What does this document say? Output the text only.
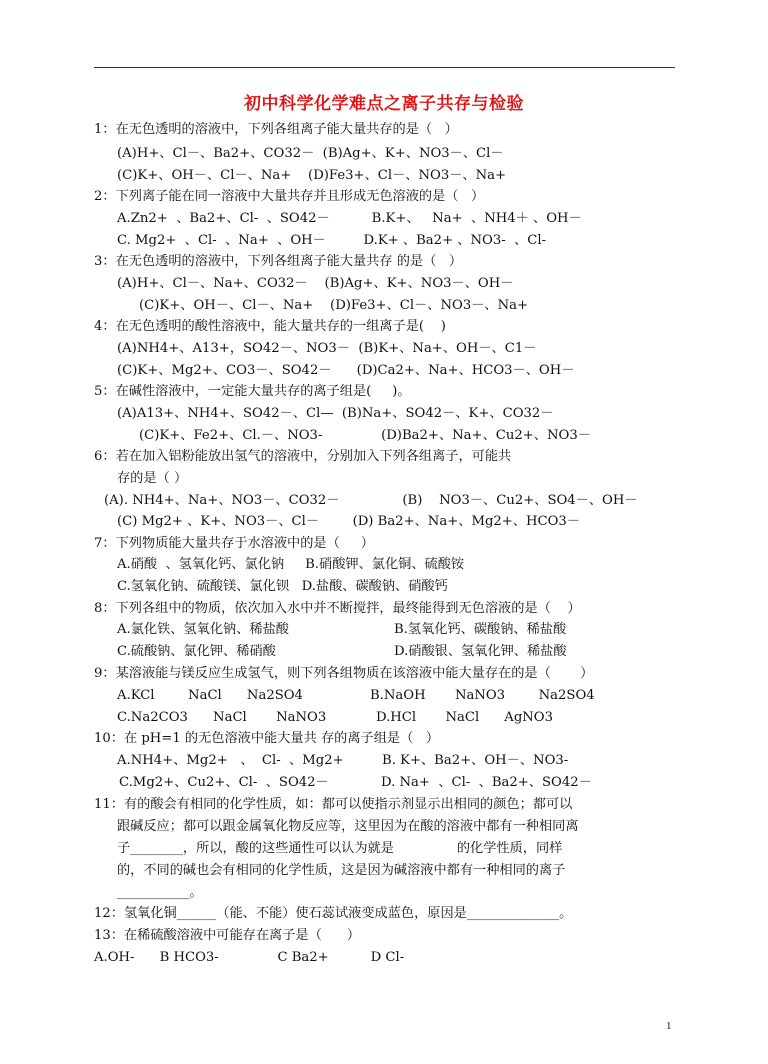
初中科学化学难点之离子共存与检验
1：在无色透明的溶液中，下列各组离子能大量共存的是（   ）
(A)H+、Cl－、Ba2+、CO32－  (B)Ag+、K+、NO3－、Cl－
(C)K+、OH－、Cl－、Na+    (D)Fe3+、Cl－、NO3－、Na+
2：下列离子能在同一溶液中大量共存并且形成无色溶液的是（   ）
A.Zn2+  、Ba2+、Cl-  、SO42－          B.K+、   Na+  、NH4＋ 、OH－
C. Mg2+  、Cl-  、Na+  、OH－         D.K+ 、Ba2+ 、NO3-  、Cl-
3：在无色透明的溶液中，下列各组离子能大量共存 的是（   ）
(A)H+、Cl－、Na+、CO32－    (B)Ag+、K+、NO3－、OH－
(C)K+、OH－、Cl－、Na+    (D)Fe3+、Cl－、NO3－、Na+
4：在无色透明的酸性溶液中，能大量共存的一组离子是(    )
(A)NH4+、A13+，SO42－、NO3－  (B)K+、Na+、OH－、C1－
(C)K+、Mg2+、CO3－、SO42－      (D)Ca2+、Na+、HCO3－、OH－
5：在碱性溶液中，一定能大量共存的离子组是(     )。
(A)A13+、NH4+、SO42－、Cl—  (B)Na+、SO42－、K+、CO32－
(C)K+、Fe2+、Cl.－、NO3-              (D)Ba2+、Na+、Cu2+、NO3－
6：若在加入铝粉能放出氢气的溶液中，分别加入下列各组离子，可能共
存的是（ ）
(A). NH4+、Na+、NO3－、CO32－               (B)    NO3－、Cu2+、SO4－、OH－
(C) Mg2+ 、K+、NO3－、Cl－        (D) Ba2+、Na+、Mg2+、HCO3－
7：下列物质能大量共存于水溶液中的是（     ）
A.硝酸  、氢氧化钙、氯化钠     B.硝酸钾、氯化铜、硫酸铵
C.氢氧化钠、硫酸镁、氯化钡   D.盐酸、碳酸钠、硝酸钙
8：下列各组中的物质，依次加入水中并不断搅拌，最终能得到无色溶液的是（    ）
A.氯化铁、氢氧化钠、稀盐酸	B.氢氧化钙、碳酸钠、稀盐酸
C.硫酸钠、氯化钾、稀硝酸	D.硝酸银、氢氧化钾、稀盐酸
9：某溶液能与镁反应生成氢气，则下列各组物质在该溶液中能大量存在的是（       ）
A.KCl        NaCl      Na2SO4	B.NaOH       NaNO3        Na2SO4
C.Na2CO3      NaCl       NaNO3	D.HCl       NaCl      AgNO3
10：在 pH=1 的无色溶液中能大量共 存的离子组是（   ）
A.NH4+、Mg2+   、  Cl-  、Mg2+	B. K+、Ba2+、OH－、NO3-
C.Mg2+、Cu2+、Cl-  、SO42－	D. Na+  、Cl-  、Ba2+、SO42－
11：有的酸会有相同的化学性质，如：都可以使指示剂显示出相同的颜色；都可以
跟碱反应；都可以跟金属氧化物反应等，这里因为在酸的溶液中都有一种相同离
子________，所以，酸的这些通性可以认为就是               的化学性质，同样
的，不同的碱也会有相同的化学性质，这是因为碱溶液中都有一种相同的离子
___________。
12：氢氧化铜______（能、不能）使石蕊试液变成蓝色，原因是______________。
13：在稀硫酸溶液中可能存在离子是（      ）
A.OH-      B HCO3-              C Ba2+          D Cl-
1
